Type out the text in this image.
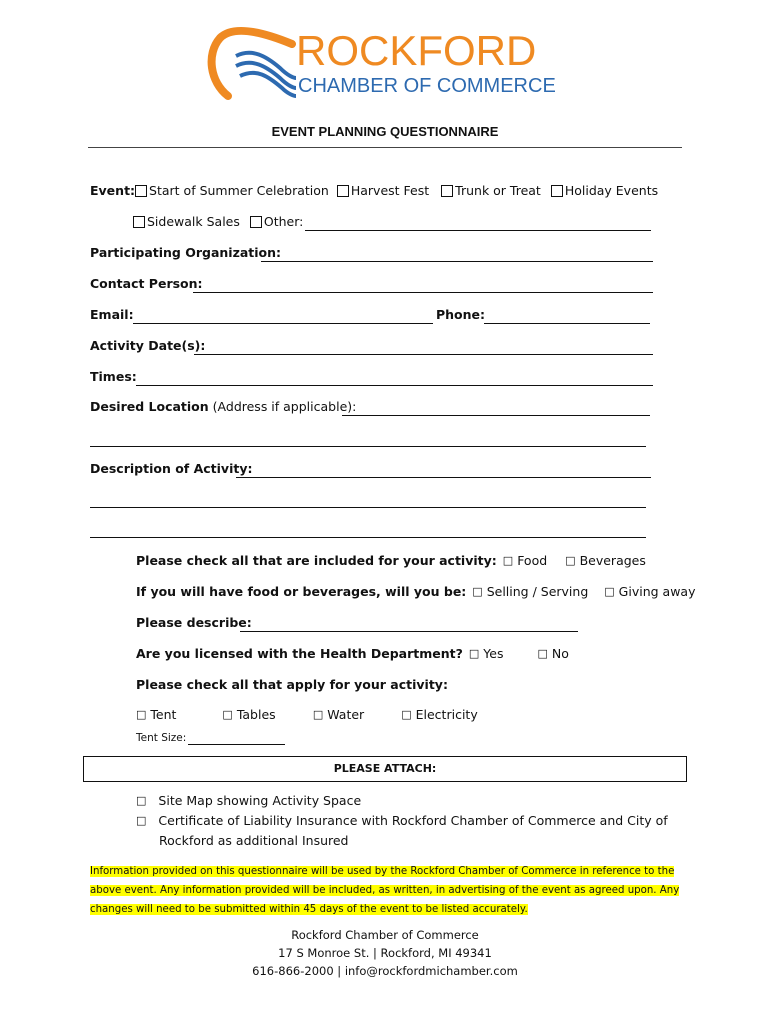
ROCKFORD
CHAMBER OF COMMERCE
EVENT PLANNING QUESTIONNAIRE
Event: Start of Summer Celebration Harvest Fest Trunk or Treat Holiday Events
Sidewalk Sales Other:
Participating Organization:
Contact Person:
Email:	Phone:
Activity Date(s):
Times:
Desired Location (Address if applicable):
Description of Activity:
Please check all that are included for your activity: □ Food □ Beverages
If you will have food or beverages, will you be: □ Selling / Serving □ Giving away
Please describe:
Are you licensed with the Health Department? □ Yes	□ No
Please check all that apply for your activity:
□ Tent	□ Tables	□ Water	□ Electricity
Tent Size:
PLEASE ATTACH:
□ Site Map showing Activity Space
□ Certificate of Liability Insurance with Rockford Chamber of Commerce and City of
Rockford as additional Insured
Information provided on this questionnaire will be used by the Rockford Chamber of Commerce in reference to the
above event. Any information provided will be included, as written, in advertising of the event as agreed upon. Any
changes will need to be submitted within 45 days of the event to be listed accurately.
Rockford Chamber of Commerce
17 S Monroe St. | Rockford, MI 49341
616-866-2000 | info@rockfordmichamber.com
